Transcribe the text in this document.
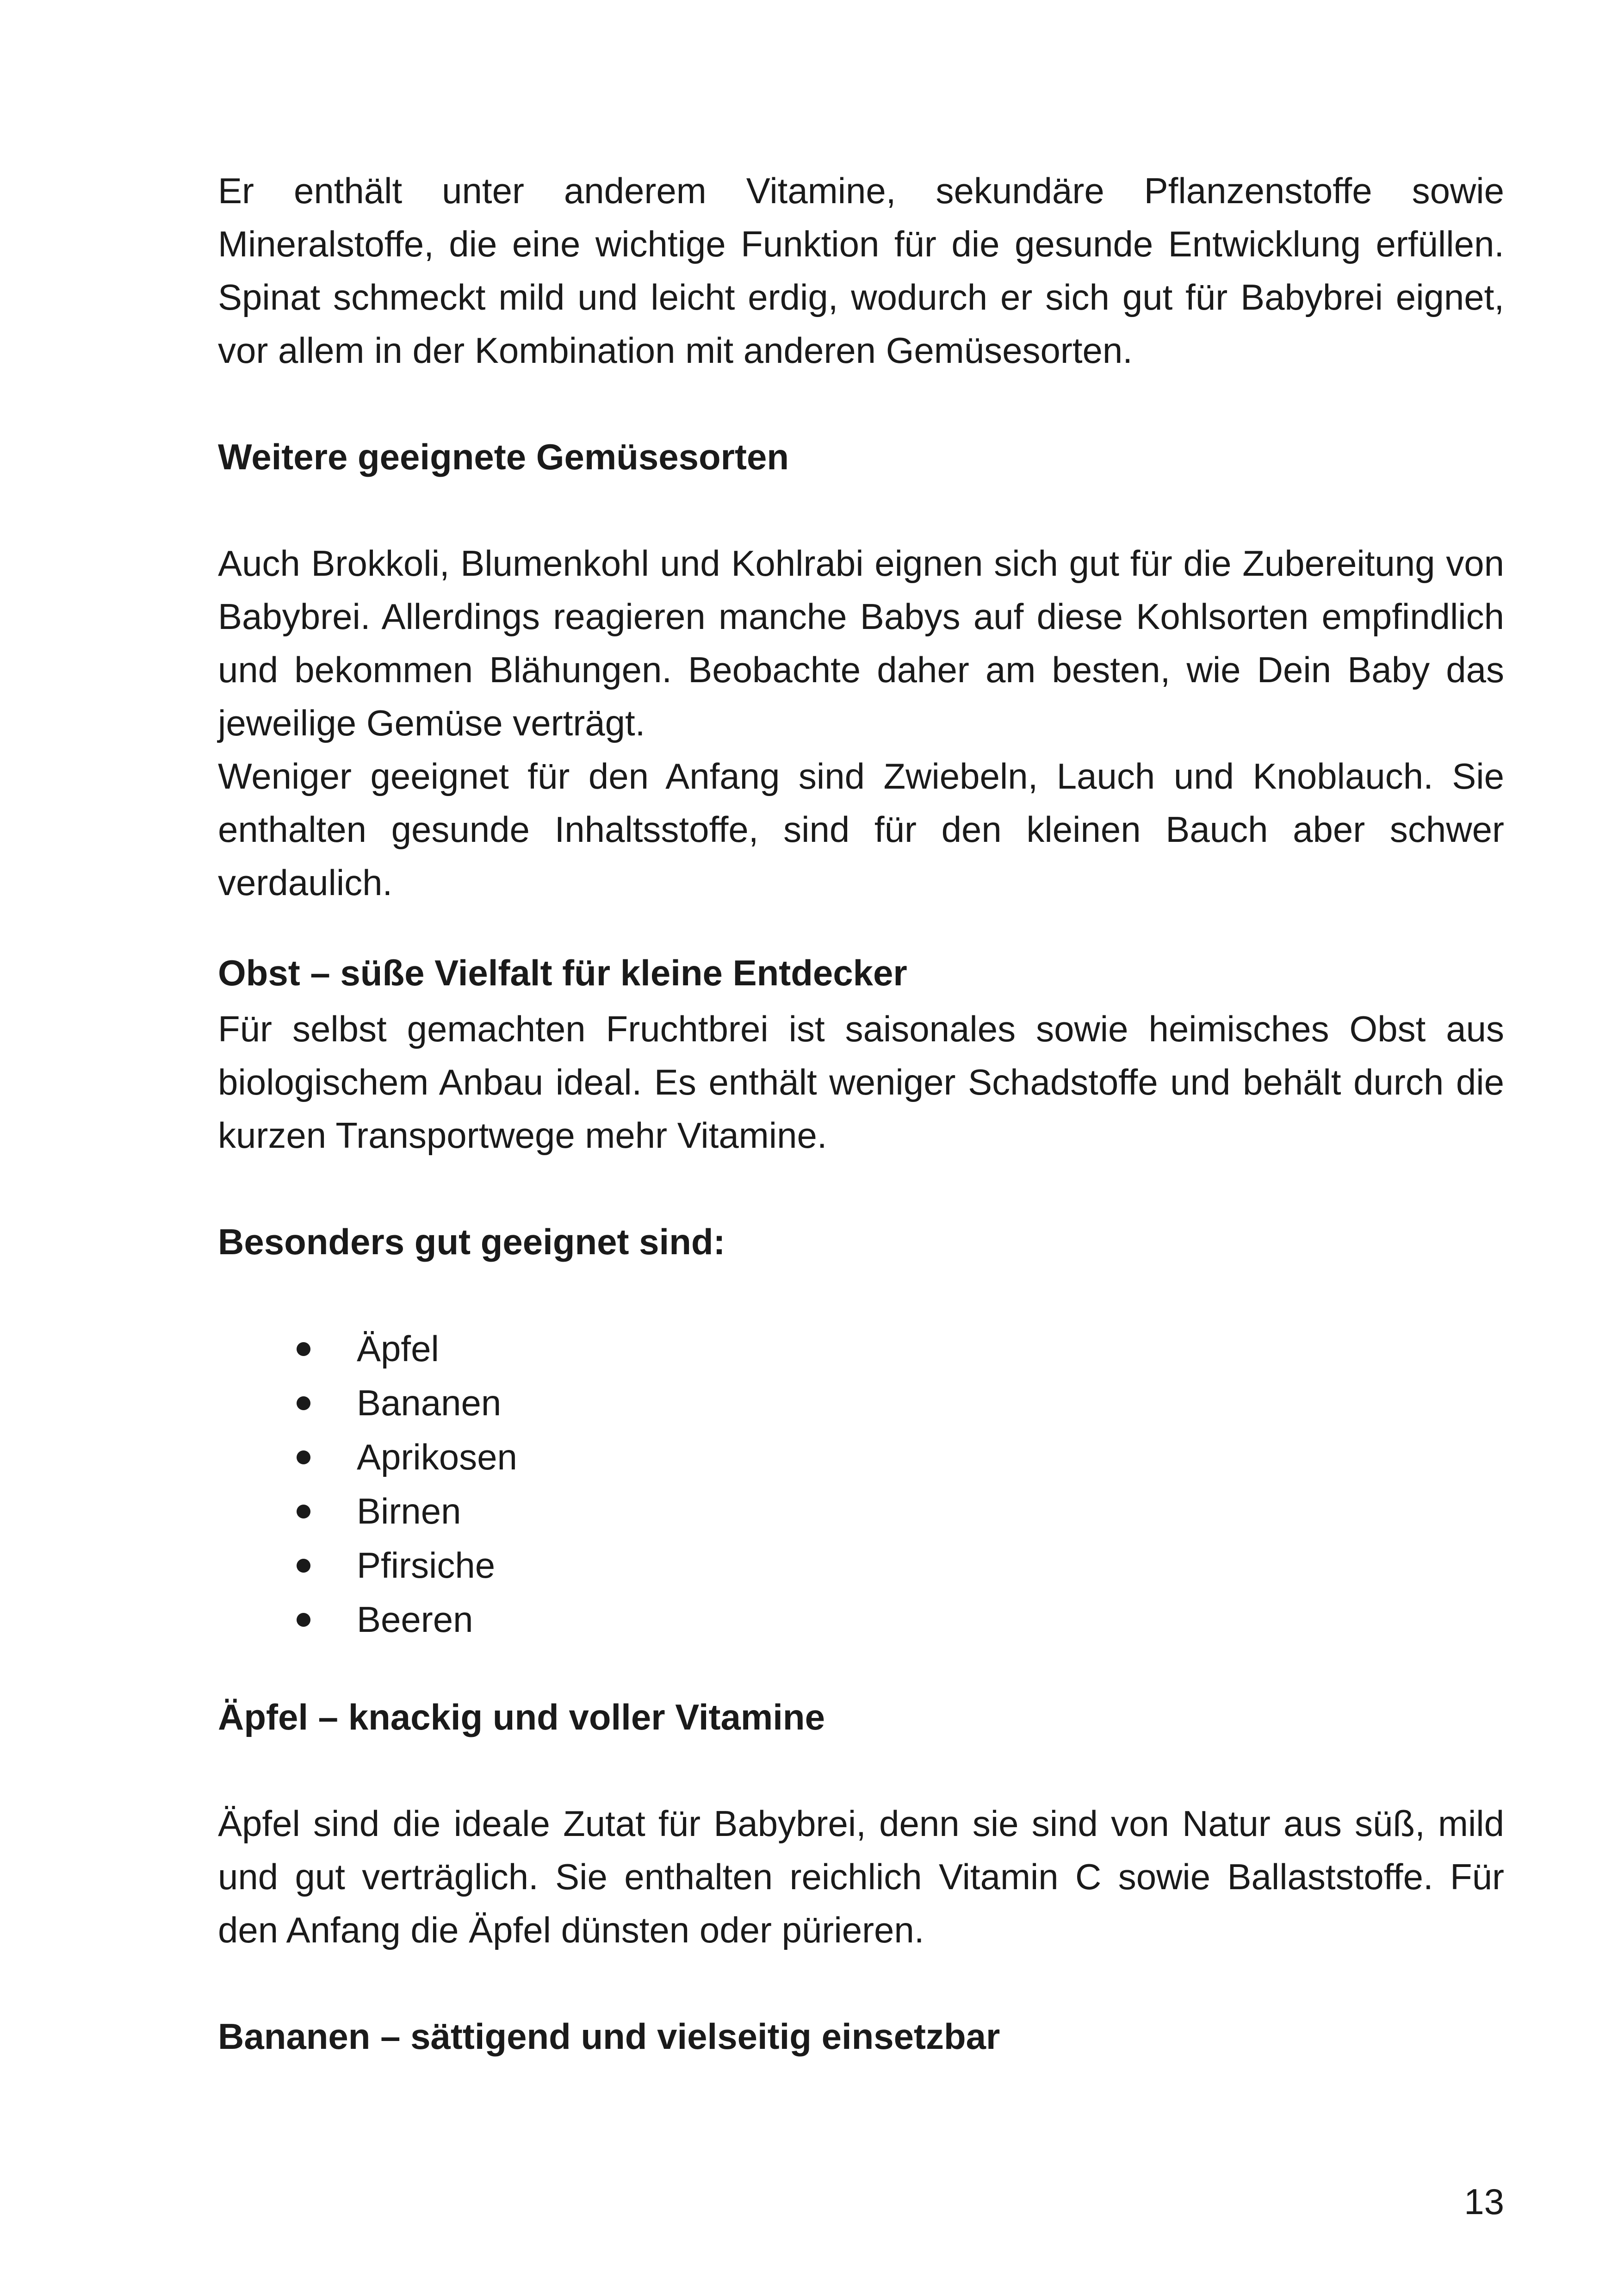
Er enthält unter anderem Vitamine, sekundäre Pflanzenstoffe sowie Mineralstoffe, die eine wichtige Funktion für die gesunde Entwicklung erfüllen. Spinat schmeckt mild und leicht erdig, wodurch er sich gut für Babybrei eignet, vor allem in der Kombination mit anderen Gemüsesorten.

Weitere geeignete Gemüsesorten

Auch Brokkoli, Blumenkohl und Kohlrabi eignen sich gut für die Zubereitung von Babybrei. Allerdings reagieren manche Babys auf diese Kohlsorten empfindlich und bekommen Blähungen. Beobachte daher am besten, wie Dein Baby das jeweilige Gemüse verträgt.

Weniger geeignet für den Anfang sind Zwiebeln, Lauch und Knoblauch. Sie enthalten gesunde Inhaltsstoffe, sind für den kleinen Bauch aber schwer verdaulich.

Obst – süße Vielfalt für kleine Entdecker

Für selbst gemachten Fruchtbrei ist saisonales sowie heimisches Obst aus biologischem Anbau ideal. Es enthält weniger Schadstoffe und behält durch die kurzen Transportwege mehr Vitamine.

Besonders gut geeignet sind:
Äpfel
Bananen
Aprikosen
Birnen
Pfirsiche
Beeren
Äpfel – knackig und voller Vitamine

Äpfel sind die ideale Zutat für Babybrei, denn sie sind von Natur aus süß, mild und gut verträglich. Sie enthalten reichlich Vitamin C sowie Ballaststoffe. Für den Anfang die Äpfel dünsten oder pürieren.

Bananen – sättigend und vielseitig einsetzbar
13
